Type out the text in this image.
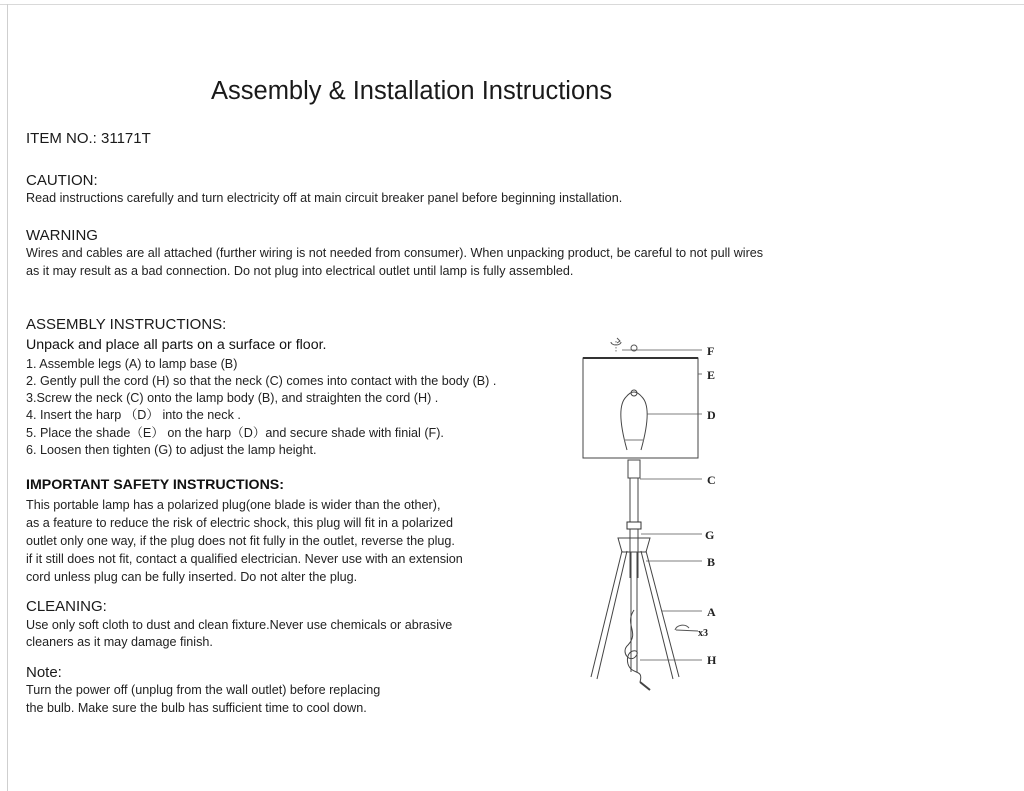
Assembly & Installation Instructions
ITEM NO.: 31171T
CAUTION:
Read instructions carefully and turn electricity off at main circuit breaker panel before beginning installation.
WARNING
Wires and cables are all attached (further wiring is not needed from consumer). When unpacking product, be careful to not pull wires
as it may result as a bad connection. Do not plug into electrical outlet until lamp is fully assembled.
ASSEMBLY INSTRUCTIONS:
Unpack and place all parts on a surface or floor.
1. Assemble legs (A) to lamp base (B)
2. Gently pull the cord (H) so that the neck (C) comes into contact with the body (B) .
3.Screw the neck (C) onto the lamp body (B), and straighten the cord (H) .
4. Insert the harp （D） into the neck .
5. Place the shade（E） on the harp（D）and secure shade with finial (F).
6. Loosen then tighten (G) to adjust the lamp height.
IMPORTANT SAFETY INSTRUCTIONS:
This portable lamp has a polarized plug(one blade is wider than the other),
as a feature to reduce the risk of electric shock, this plug will fit in a polarized
outlet only one way, if the plug does not fit fully in the outlet, reverse the plug.
if it still does not fit, contact a qualified electrician. Never use with an extension
cord unless plug can be fully inserted. Do not alter the plug.
CLEANING:
Use only soft cloth to dust and clean fixture.Never use chemicals or abrasive
cleaners as it may damage finish.
Note:
Turn the power off (unplug from the wall outlet) before replacing
the bulb. Make sure the bulb has sufficient time to cool down.
F
E
D
C
G
B
A
x3
H
